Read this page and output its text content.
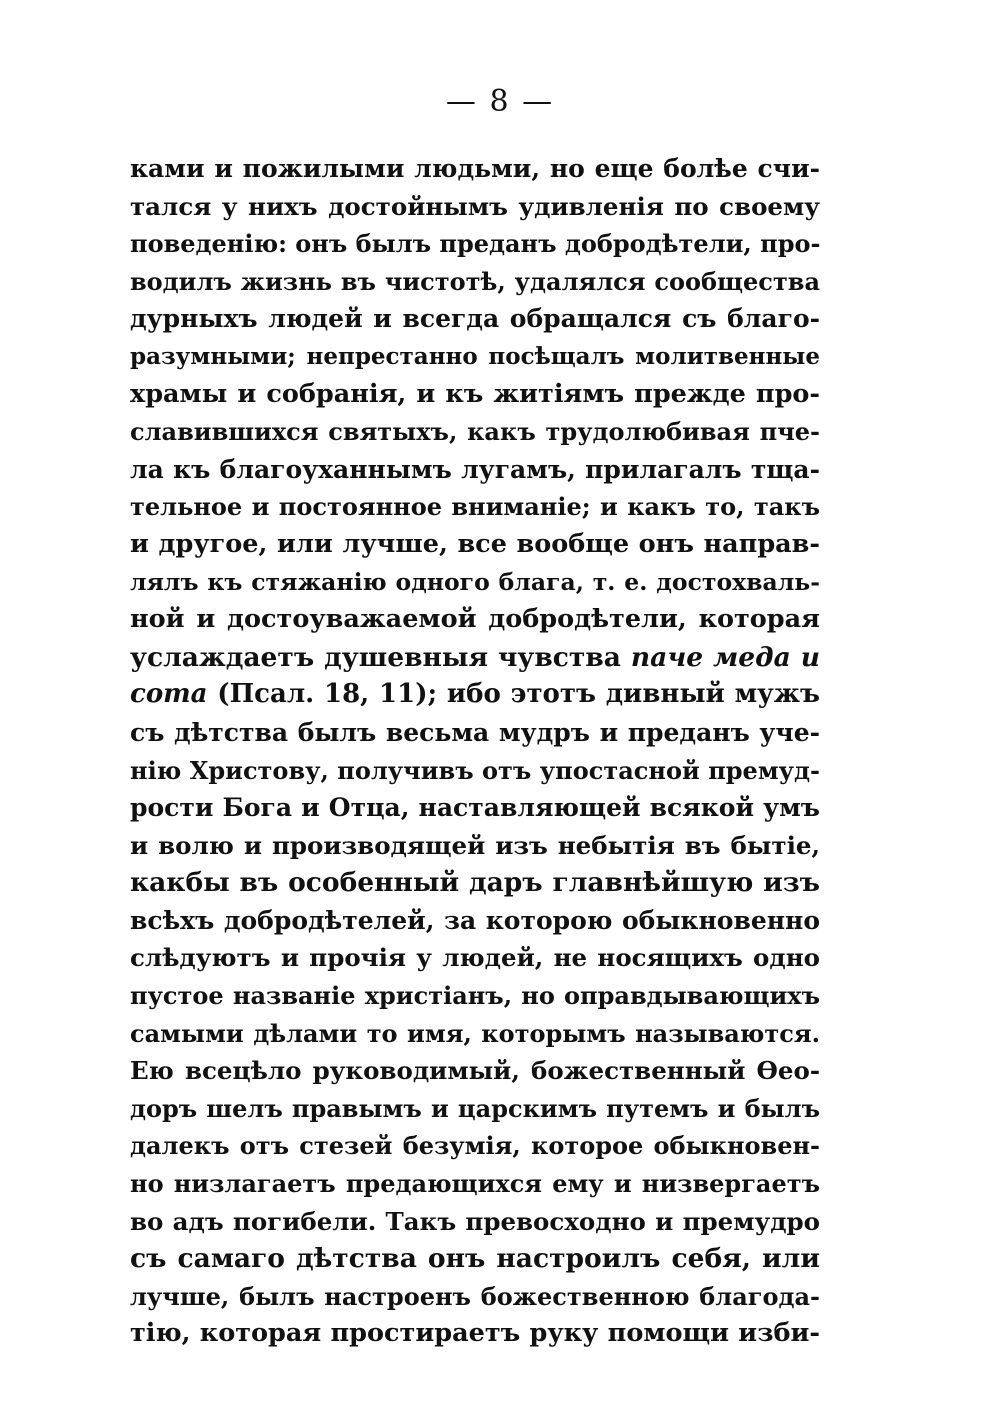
— 8 —
ками и пожилыми людьми, но еще болѣе счи-
тался у нихъ достойнымъ удивленія по своему
поведенію: онъ былъ преданъ добродѣтели, про-
водилъ жизнь въ чистотѣ, удалялся сообщества
дурныхъ людей и всегда обращался съ благо-
разумными; непрестанно посѣщалъ молитвенные
храмы и собранія, и къ житіямъ прежде про-
славившихся святыхъ, какъ трудолюбивая пче-
ла къ благоуханнымъ лугамъ, прилагалъ тща-
тельное и постоянное вниманіе; и какъ то, такъ
и другое, или лучше, все вообще онъ направ-
лялъ къ стяжанію одного блага, т. е. достохваль-
ной и достоуважаемой добродѣтели, которая
услаждаетъ душевныя чувства паче меда и
сота (Псал. 18, 11); ибо этотъ дивный мужъ
съ дѣтства былъ весьма мудръ и преданъ уче-
нію Христову, получивъ отъ упостасной премуд-
рости Бога и Отца, наставляющей всякой умъ
и волю и производящей изъ небытія въ бытіе,
какбы въ особенный даръ главнѣйшую изъ
всѣхъ добродѣтелей, за которою обыкновенно
слѣдуютъ и прочія у людей, не носящихъ одно
пустое названіе христіанъ, но оправдывающихъ
самыми дѣлами то имя, которымъ называются.
Ею всецѣло руководимый, божественный Ѳео-
доръ шелъ правымъ и царскимъ путемъ и былъ
далекъ отъ стезей безумія, которое обыкновен-
но низлагаетъ предающихся ему и низвергаетъ
во адъ погибели. Такъ превосходно и премудро
съ самаго дѣтства онъ настроилъ себя, или
лучше, былъ настроенъ божественною благода-
тію, которая простираетъ руку помощи изби-
